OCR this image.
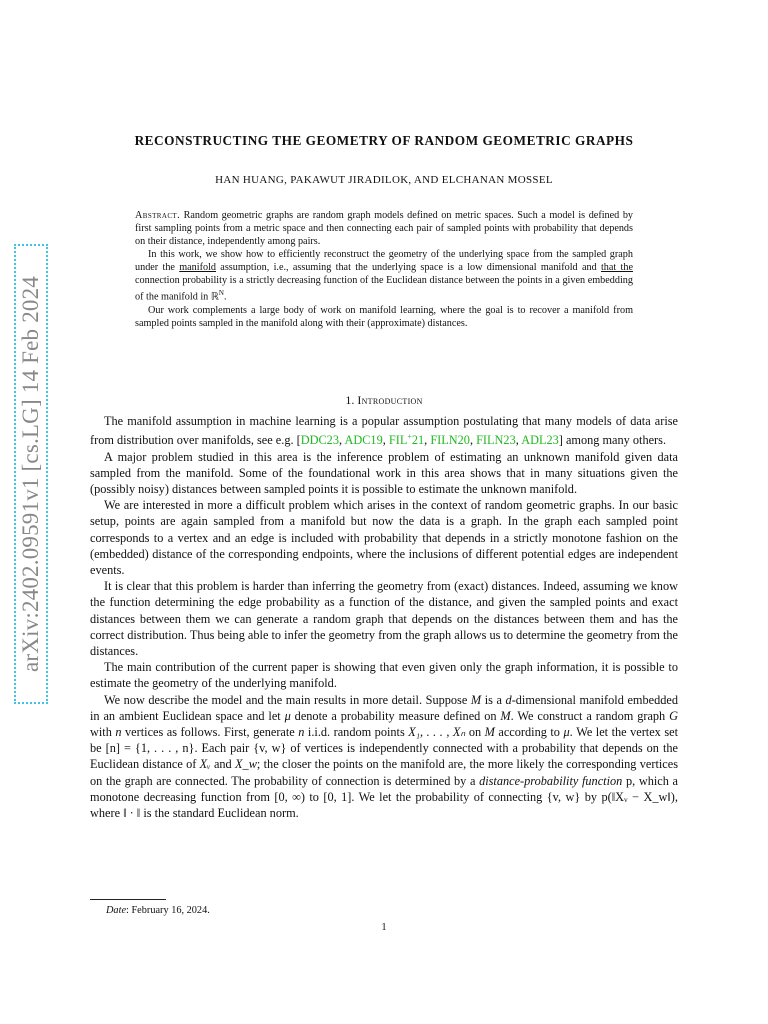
arXiv:2402.09591v1 [cs.LG] 14 Feb 2024
RECONSTRUCTING THE GEOMETRY OF RANDOM GEOMETRIC GRAPHS
HAN HUANG, PAKAWUT JIRADILOK, AND ELCHANAN MOSSEL

Abstract. Random geometric graphs are random graph models defined on metric spaces. Such a model is defined by first sampling points from a metric space and then connecting each pair of sampled points with probability that depends on their distance, independently among pairs.

In this work, we show how to efficiently reconstruct the geometry of the underlying space from the sampled graph under the manifold assumption, i.e., assuming that the underlying space is a low dimensional manifold and that the connection probability is a strictly decreasing function of the Euclidean distance between the points in a given embedding of the manifold in ℝ$^N$.

Our work complements a large body of work on manifold learning, where the goal is to recover a manifold from sampled points sampled in the manifold along with their (approximate) distances.

1. Introduction

The manifold assumption in machine learning is a popular assumption postulating that many models of data arise from distribution over manifolds, see e.g. [DDC23, ADC19, FIL+21, FILN20, FILN23, ADL23] among many others.

A major problem studied in this area is the inference problem of estimating an unknown manifold given data sampled from the manifold. Some of the foundational work in this area shows that in many situations given the (possibly noisy) distances between sampled points it is possible to estimate the unknown manifold.

We are interested in more a difficult problem which arises in the context of random geometric graphs. In our basic setup, points are again sampled from a manifold but now the data is a graph. In the graph each sampled point corresponds to a vertex and an edge is included with probability that depends in a strictly monotone fashion on the (embedded) distance of the corresponding endpoints, where the inclusions of different potential edges are independent events.

It is clear that this problem is harder than inferring the geometry from (exact) distances. Indeed, assuming we know the function determining the edge probability as a function of the distance, and given the sampled points and exact distances between them we can generate a random graph that depends on the distances between them and has the correct distribution. Thus being able to infer the geometry from the graph allows us to determine the geometry from the distances.

The main contribution of the current paper is showing that even given only the graph information, it is possible to estimate the geometry of the underlying manifold.

We now describe the model and the main results in more detail. Suppose M is a d-dimensional manifold embedded in an ambient Euclidean space and let μ denote a probability measure defined on M. We construct a random graph G with n vertices as follows. First, generate n i.i.d. random points X₁, . . . , Xₙ on M according to μ. We let the vertex set be [n] = {1, . . . , n}. Each pair {v, w} of vertices is independently connected with a probability that depends on the Euclidean distance of Xᵥ and X_w; the closer the points on the manifold are, the more likely the corresponding vertices on the graph are connected. The probability of connection is determined by a distance-probability function p, which a monotone decreasing function from [0, ∞) to [0, 1]. We let the probability of connecting {v, w} by p(‖Xᵥ − X_w‖), where ‖ · ‖ is the standard Euclidean norm.

Date: February 16, 2024.
1
